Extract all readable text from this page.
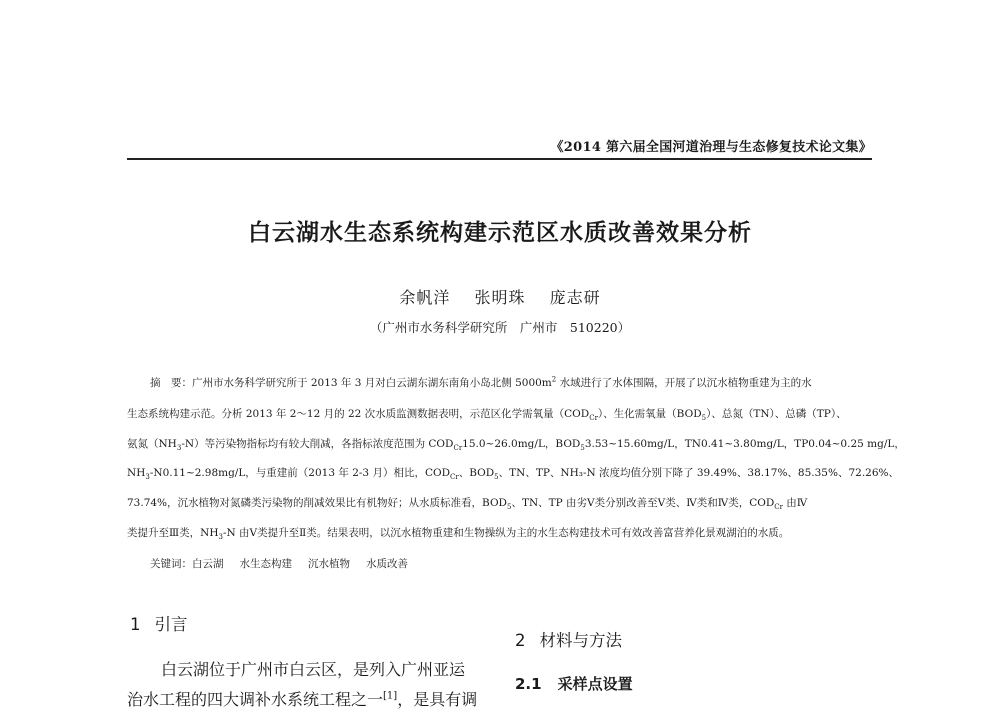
《2014 第六届全国河道治理与生态修复技术论文集》
白云湖水生态系统构建示范区水质改善效果分析
余帆洋 张明珠 庞志研
（广州市水务科学研究所　广州市　510220）
摘　要：广州市水务科学研究所于 2013 年 3 月对白云湖东湖东南角小岛北侧 $5000m^2$ 水域进行了水体围隔，开展了以沉水植物重建为主的水
生态系统构建示范。分析 2013 年 2～12 月的 22 次水质监测数据表明，示范区化学需氧量$(COD_{Cr})$、生化需氧量$(BOD_5)$、总氮（TN）、总磷（TP）、
氨氮$(NH_3-N)$等污染物指标均有较大削减，各指标浓度范围为 $COD_{Cr}15.0\sim 26.0mg/L$，$BOD_53.53\sim 15.60mg/L$，TN0.41~3.80mg/L，TP0.04~0.25 mg/L，
$NH_3-N0.11\sim 2.98mg/L$，与重建前（2013 年 2-3 月）相比，$COD_{Cr}$、$BOD_5$、TN、TP、NH₃-N 浓度均值分别下降了 39.49%、38.17%、85.35%、72.26%、
73.74%，沉水植物对氮磷类污染物的削减效果比有机物好；从水质标准看，$BOD_5$、TN、TP 由劣Ⅴ类分别改善至Ⅴ类、Ⅳ类和Ⅳ类，$COD_{Cr}$ 由Ⅳ
类提升至Ⅲ类，$NH_3-N$ 由Ⅴ类提升至Ⅱ类。结果表明，以沉水植物重建和生物操纵为主的水生态构建技术可有效改善富营养化景观湖泊的水质。
关键词：白云湖 水生态构建 沉水植物 水质改善
1 引言
白云湖位于广州市白云区，是列入广州亚运
治水工程的四大调补水系统工程之一[1]，是具有调
2 材料与方法
2.1 采样点设置
